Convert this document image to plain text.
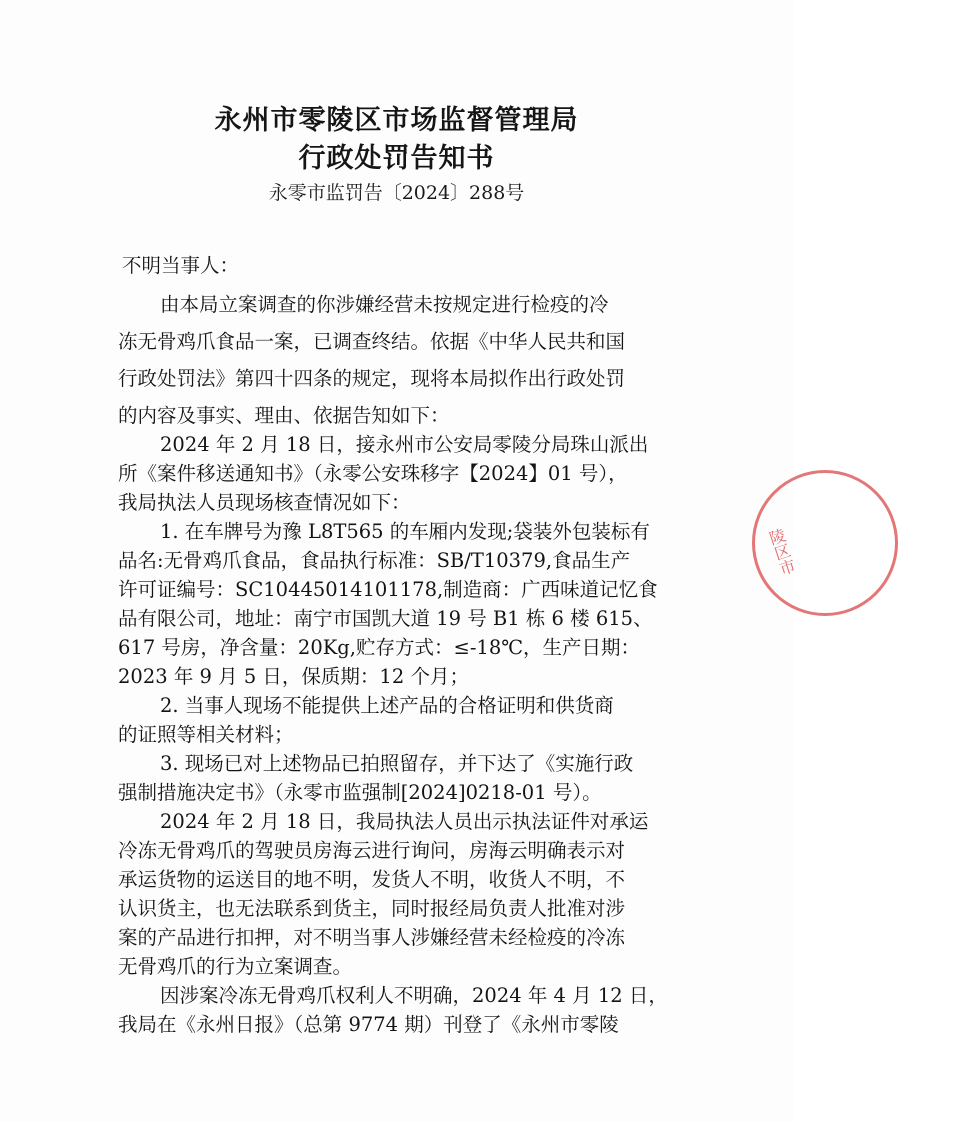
永州市零陵区市场监督管理局
行政处罚告知书
永零市监罚告〔2024〕288号
不明当事人：
由本局立案调查的你涉嫌经营未按规定进行检疫的冷
冻无骨鸡爪食品一案，已调查终结。依据《中华人民共和国
行政处罚法》第四十四条的规定，现将本局拟作出行政处罚
的内容及事实、理由、依据告知如下：
2024 年 2 月 18 日，接永州市公安局零陵分局珠山派出
所《案件移送通知书》（永零公安珠移字【2024】01 号），
我局执法人员现场核查情况如下：
1. 在车牌号为豫 L8T565 的车厢内发现;袋装外包装标有
品名:无骨鸡爪食品，食品执行标准：SB/T10379,食品生产
许可证编号：SC10445014101178,制造商：广西味道记忆食
品有限公司，地址：南宁市国凯大道 19 号 B1 栋 6 楼 615、
617 号房，净含量：20Kg,贮存方式：≤-18℃，生产日期：
2023 年 9 月 5 日，保质期：12 个月；
2. 当事人现场不能提供上述产品的合格证明和供货商
的证照等相关材料；
3. 现场已对上述物品已拍照留存，并下达了《实施行政
强制措施决定书》（永零市监强制[2024]0218-01 号）。
2024 年 2 月 18 日，我局执法人员出示执法证件对承运
冷冻无骨鸡爪的驾驶员房海云进行询问，房海云明确表示对
承运货物的运送目的地不明，发货人不明，收货人不明，不
认识货主，也无法联系到货主，同时报经局负责人批准对涉
案的产品进行扣押，对不明当事人涉嫌经营未经检疫的冷冻
无骨鸡爪的行为立案调查。
因涉案冷冻无骨鸡爪权利人不明确，2024 年 4 月 12 日，
我局在《永州日报》（总第 9774 期）刊登了《永州市零陵
陵区市
